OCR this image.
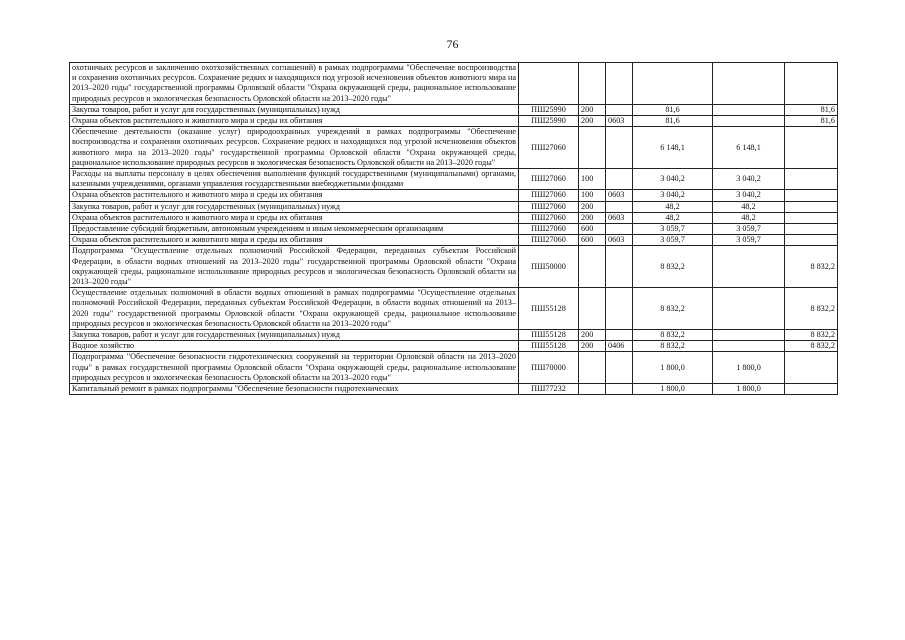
76
охотничьих ресурсов и заключению охотхозяйственных соглашений) в рамках подпрограммы "Обеспечение воспроизводства и сохранения охотничьих ресурсов. Сохранение редких и находящихся под угрозой исчезновения объектов животного мира на 2013–2020 годы" государственной программы Орловской области "Охрана окружающей среды, рациональное использование природных ресурсов и экологическая безопасность Орловской области на 2013–2020 годы"						
Закупка товаров, работ и услуг для государственных (муниципальных) нужд	ПШ25990	200		81,6		81,6
Охрана объектов растительного и животного мира и среды их обитания	ПШ25990	200	0603	81,6		81,6
Обеспечение деятельности (оказание услуг) природоохранных учреждений в рамках подпрограммы "Обеспечение воспроизводства и сохранения охотничьих ресурсов. Сохранение редких и находящихся под угрозой исчезновения объектов животного мира на 2013–2020 годы" государственной программы Орловской области "Охрана окружающей среды, рациональное использование природных ресурсов и экологическая безопасность Орловской области на 2013–2020 годы"	ПШ27060			6 148,1	6 148,1	
Расходы на выплаты персоналу в целях обеспечения выполнения функций государственными (муниципальными) органами, казенными учреждениями, органами управления государственными внебюджетными фондами	ПШ27060	100		3 040,2	3 040,2	
Охрана объектов растительного и животного мира и среды их обитания	ПШ27060	100	0603	3 040,2	3 040,2	
Закупка товаров, работ и услуг для государственных (муниципальных) нужд	ПШ27060	200		48,2	48,2	
Охрана объектов растительного и животного мира и среды их обитания	ПШ27060	200	0603	48,2	48,2	
Предоставление субсидий бюджетным, автономным учреждениям и иным некоммерческим организациям	ПШ27060	600		3 059,7	3 059,7	
Охрана объектов растительного и животного мира и среды их обитания	ПШ27060	600	0603	3 059,7	3 059,7	
Подпрограмма "Осуществление отдельных полномочий Российской Федерации, переданных субъектам Российской Федерации, в области водных отношений на 2013–2020 годы" государственной программы Орловской области "Охрана окружающей среды, рациональное использование природных ресурсов и экологическая безопасность Орловской области на 2013–2020 годы"	ПШ50000			8 832,2		8 832,2
Осуществление отдельных полномочий в области водных отношений в рамках подпрограммы "Осуществление отдельных полномочий Российской Федерации, переданных субъектам Российской Федерации, в области водных отношений на 2013–2020 годы" государственной программы Орловской области "Охрана окружающей среды, рациональное использование природных ресурсов и экологическая безопасность Орловской области на 2013–2020 годы"	ПШ55128			8 832,2		8 832,2
Закупка товаров, работ и услуг для государственных (муниципальных) нужд	ПШ55128	200		8 832,2		8 832,2
Водное хозяйство	ПШ55128	200	0406	8 832,2		8 832,2
Подпрограмма "Обеспечение безопасности гидротехнических сооружений на территории Орловской области на 2013–2020 годы" в рамках государственной программы Орловской области "Охрана окружающей среды, рациональное использование природных ресурсов и экологическая безопасность Орловской области на 2013–2020 годы"	ПШ70000			1 800,0	1 800,0	
Капитальный ремонт в рамках подпрограммы "Обеспечение безопасности гидротехнических	ПШ77232			1 800,0	1 800,0	
